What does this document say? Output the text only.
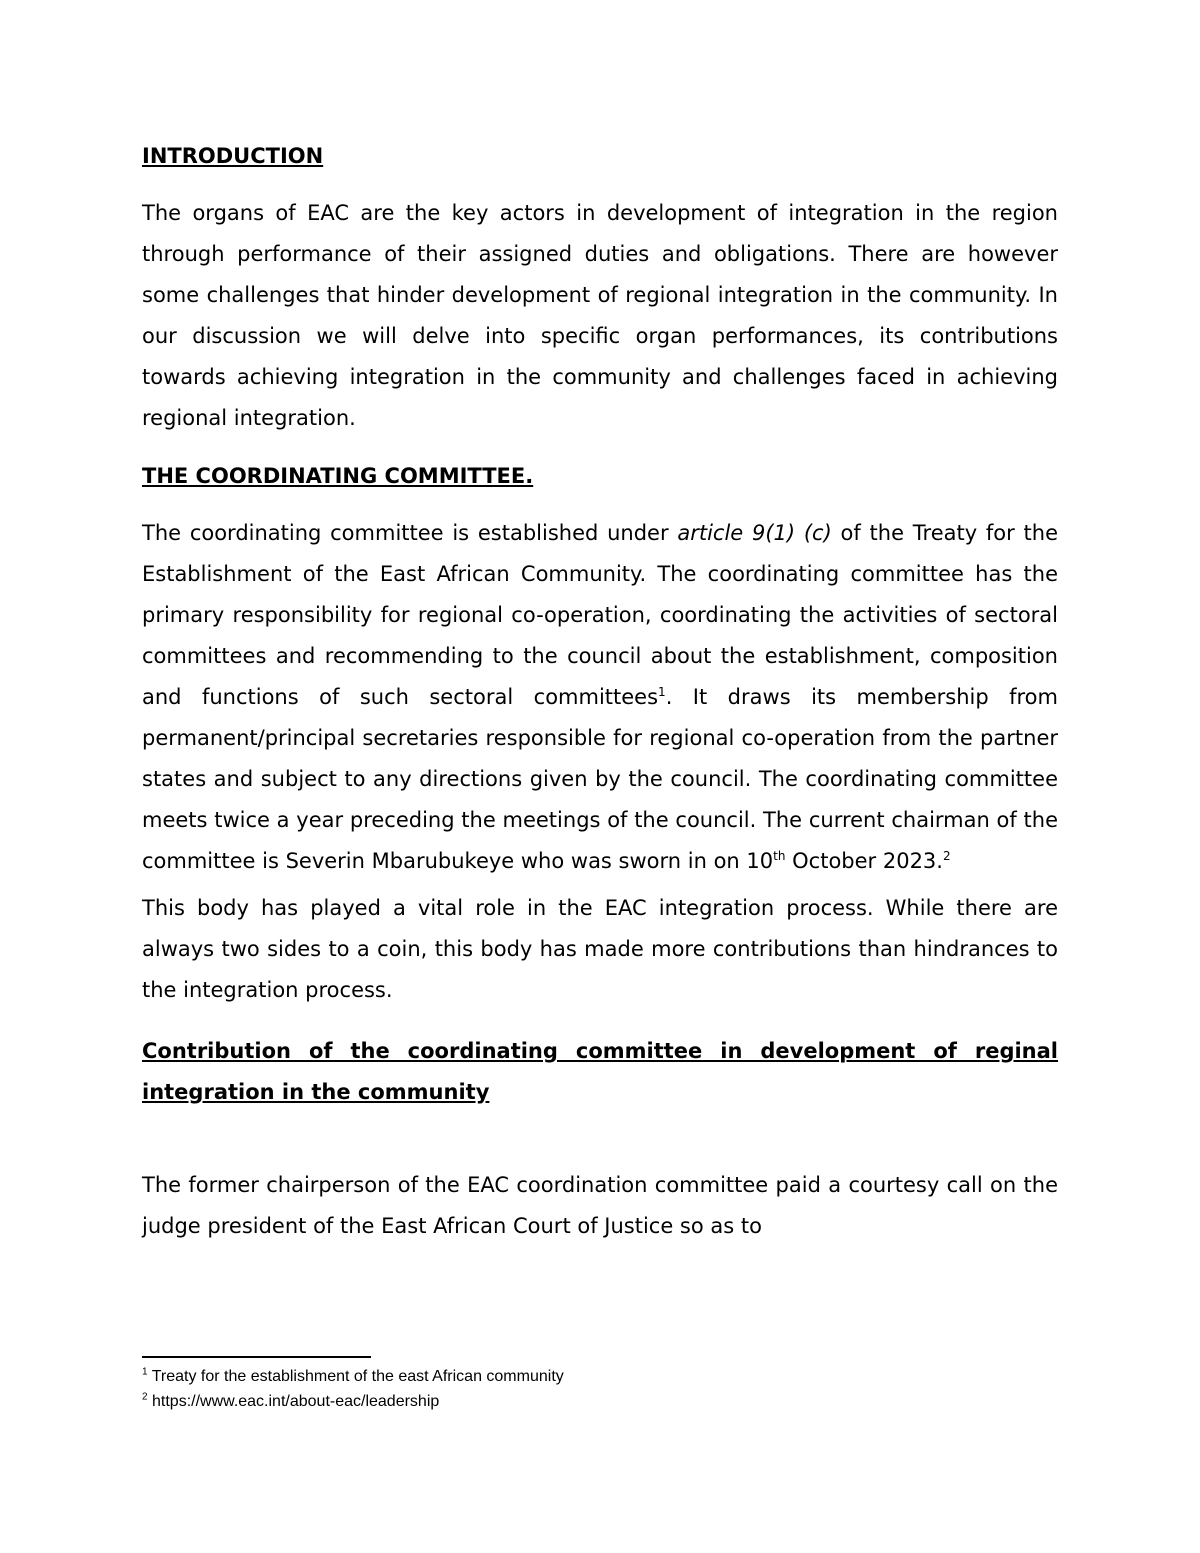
INTRODUCTION

The organs of EAC are the key actors in development of integration in the region through performance of their assigned duties and obligations. There are however some challenges that hinder development of regional integration in the community. In our discussion we will delve into specific organ performances, its contributions towards achieving integration in the community and challenges faced in achieving regional integration.

THE COORDINATING COMMITTEE.

The coordinating committee is established under article 9(1) (c) of the Treaty for the Establishment of the East African Community. The coordinating committee has the primary responsibility for regional co-operation, coordinating the activities of sectoral committees and recommending to the council about the establishment, composition and functions of such sectoral committees$^1$. It draws its membership from permanent/principal secretaries responsible for regional co-operation from the partner states and subject to any directions given by the council. The coordinating committee meets twice a year preceding the meetings of the council. The current chairman of the committee is Severin Mbarubukeye who was sworn in on 10th October 2023.$^2$

This body has played a vital role in the EAC integration process. While there are always two sides to a coin, this body has made more contributions than hindrances to the integration process.

Contribution of the coordinating committee in development of reginal integration in the community

The former chairperson of the EAC coordination committee paid a courtesy call on the judge president of the East African Court of Justice so as to

$^1$ Treaty for the establishment of the east African community

$^2$ https://www.eac.int/about-eac/leadership
